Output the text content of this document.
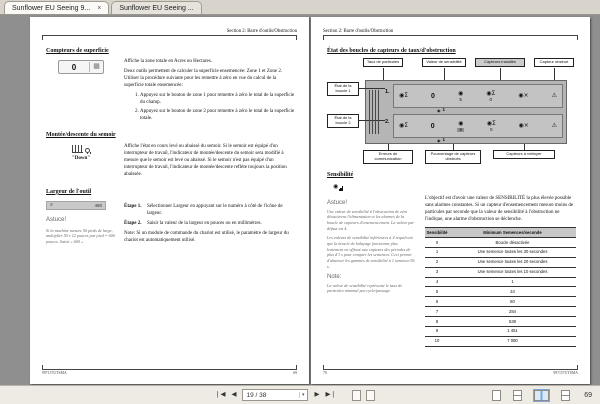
Sunflower EU Seeing 9... ×	Sunflower EU Seeing ...
Section 2: Barre d'outils/Obstruction
Compteurs de superficie
0	▦

Affiche la zone totale en Acres ou Hectares.

Deux outils permettent de calculer la superficie ensemencée: Zone 1 et Zone 2. Utiliser la procédure suivante pour les remettre à zéro en vue du calcul de la superficie totale ensemencée:

1. Appuyez sur le bouton de zone 1 pour remettre à zéro le total de la superficie du champ.
2. Appuyez sur le bouton de zone 2 pour remettre à zéro le total de la superficie totale.
Montée/descente du semoir
"Down"

Affiche l'état en cours levé ou abaissé du semoir. Si le semoir est équipé d'un interrupteur de travail, l'indicateur de montée/descente du semoir sera modifié à mesure que le semoir est levé ou abaissé. Si le semoir n'est pas équipé d'un interrupteur de travail, l'indicateur de montée/descente reflète toujours la position abaissée.

Largeur de l'outil
≡	480
Astuce!
Si la machine mesure 50 pieds de large, multiplier 50 x 12 pouces par pied = 600 pouces. Saisir « 600 ».
Étape 1.	Sélectionner Largeur en appuyant sur le numéro à côté de l'icône de largeur.
Étape 2.	Saisir la valeur de la largeur en pouces ou en millimètres.

Note: Si un module de commande du chariot est utilisé, le paramètre de largeur du chariot est automatiquement utilisé.

997157UTSMA	69
Section 2: Barre d'outils/Obstruction
État des boucles de capteurs de taux/d'obstruction
Taux de particules	Valeur de sensibilité	Capteurs installés	Capteur obstrué
État de la boucle 1
État de la boucle 2
Erreurs de communication
Pourcentage de capteurs obstrués
Capteurs à nettoyer
1. ◉Σ	0	◉
5
◉Σ
0	◉×	⚠
◉ 1
2. ◉Σ	0	◉
5
◉Σ
0	◉×	⚠
◉ 1
Sensibilité
◉
Astuce!
Une valeur de sensibilité à l'obstruction de zéro désactivera l'alimentation et les alarmes de la boucle de capteurs d'ensemencement. La valeur par défaut est 4.
Les valeurs de sensibilité inférieures à 4 requièrent que la boucle de balayage fonctionne plus lentement en offrant aux capteurs des périodes de plus d'1 s pour compter les semences. Ceci permet d'abaisser les gammes de sensibilité à 1 semence/36 s.
Note:
La valeur de sensibilité représente le taux de particules minimal par cycle/passage.

L'objectif est d'avoir une valeur de SENSIBILITÉ la plus élevée possible sans alarmes constantes. Si un capteur d'ensemencement mesure moins de particules par seconde que la valeur de sensibilité à l'obstruction ne l'indique, une alarme d'obstruction se déclenche.

Sensibilité	Minimum Semences/seconde
0	Boucle désactivée
1	Une semence toutes les 30 secondes
2	Une semence toutes les 20 secondes
3	Une semence toutes les 10 secondes
4	1
5	34
6	80
7	284
8	539
9	1 451
10	7 080
70	997157UTSMA
❘◀ ◀ 19 / 38	▾ ▶ ▶❘	69
